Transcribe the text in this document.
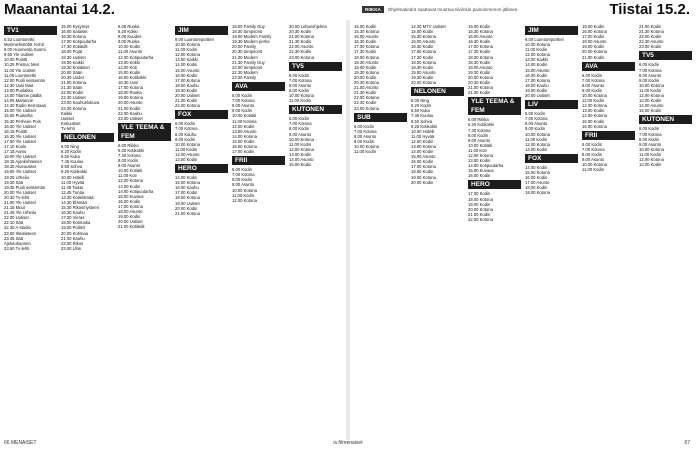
Maanantai 14.2.	RIIKKA	Ohjelmatiedot saattavat muuttua tiiviinkin painoinmenon jälkeen.	Tiistai 15.2.
TV1
5.52 Luontoretki:
Merimiehistöllä. Kohti
6.00 Huomenta Suomi
9.55 Yle Uutiset
10.00 Pointti
10.25 Prisma: Meri
11.00 Yle Uutiset
11.05 Luontoretki
12.00 Puoli seitsemän
12.30 Uusi Maa
13.00 Puolakka
14.00 Tilanne päällä
14.05 Marianne
14.30 Radio Kerrotaan
15.00 Yle Uutiset
15.05 Puutarha
15.30 Perheen Pois
16.00 Yle Uutiset
16.15 Pointti
16.30 Yle Uutiset
17.00 Yle Uutiset
17.10 Koulu
17.15 Aamu
18.00 Yle Uutiset
18.15 Ajankohtainen
18.30 Alueuutiset
19.00 Yle Uutiset
19.25 Urheilu
19.30 Sää
19.35 Puoli seitsemän
20.00 Yle Uutiset
20.30 Tv-lehti
21.00 Yle Uutiset
21.15 Muut
21.45 Yle Urheilu
22.00 Uutiset
22.10 Sää
22.30 A-studio
23.00 Ilmatieteen
23.45 Sää
Ajelutuhannen
23.50 Tv-lehti
15.00 Kysymys
16.00 Salaiset
16.30 Kotona
17.00 Kotipuutarha
17.30 Kotiäidit
18.00 Pojat
18.30 Uutiset
19.00 Kaikki
19.30 Kotiäitien
20.00 Sään
20.30 Uudet
21.00 Kotona
21.30 Sään
22.00 Kodin
22.30 Uutiset
23.00 Kauhuelokuva
23.30 Kotona
Kaikki
Uutiset
Kotiuutiset
Tv-lehti
NELONEN
6.00 Ning
6.20 Kodin
6.50 Kuka
7.45 Kuuluu
8.50 Sohva
9.25 Kotikokki
10.00 Hotelli
11.00 Hyvää
11.45 Taisto
12.45 Tuntia
13.30 Kotielämää
14.30 Elämää
15.30 Rikosmysteeri
16.30 Kauhu
17.00 Vieras
18.00 Kotiruoka
19.00 Poliisit
20.00 Kotimaa
21.00 Kauhu
22.00 Rikos
23.00 Ulos
6.05 Ruoka
6.20 Kokki
8.00 Kuudes
9.00 Ruoka
10.00 Kodin
11.00 Asunto
12.00 Kotipuutarha
13.00 Kokki
14.00 Koti
15.00 Kodin
16.00 Kotikokki
16.30 Uusi
17.00 Kotona
18.00 Ruoka
19.00 Kotona
20.00 Asunto
21.00 Kodin
22.00 Kauhu
23.00 Uutiset
YLE TEEMA & FEM
6.00 Riikka
6.30 Kotikokki
7.30 Kotona
8.00 Kodin
9.00 Asunto
10.00 Kotiäiti
11.00 Koti
12.00 Kotona
13.00 Kodin
14.00 Kotipuutarha
15.00 Kuvaus
16.00 Kodin
17.00 Kotona
18.00 Asunto
19.00 Kodin
20.00 Uutiset
21.00 Kotiäidit
JIM
9.00 Luontoreportteri
10.00 Kotona
11.00 Kodin
12.00 Kotona
13.00 Kaikki
14.00 Kodin
15.00 Asunto
16.00 Kodin
17.00 Kotona
18.00 Kauhu
19.00 Kodin
20.00 Uutiset
21.00 Kodin
22.00 Kotona
FOX
6.00 Kodin
7.00 Kotona
8.00 Kauhu
9.00 Kodin
10.00 Kotona
11.00 Kodin
12.00 Asunto
13.00 Kodin
HERO
14.00 Kodin
15.00 Kotona
16.00 Kauhu
17.00 Kodin
18.00 Kotona
19.00 Uutiset
20.00 Kodin
21.00 Kotona
18.00 Family Guy
18.30 Simpsonit
19.00 Modern Family
19.30 Modern perhe
20.00 Family
20.30 Simpsonit
21.00 Modern
21.30 Family Guy
22.00 Simpsonit
22.30 Modern
23.00 Family
AVA
6.00 Kodin
7.00 Kotona
8.00 Asunto
9.00 Kodin
10.00 Kotiäiti
11.00 Kotona
12.00 Kodin
13.00 Asunto
14.00 Kotona
15.00 Kodin
16.00 Kotona
17.00 Kodin
FRII
6.00 Kodin
7.00 Kotona
8.00 Kodin
9.00 Asunto
10.00 Kotona
11.00 Kodin
12.00 Kotona
20.00 Lettuvohjelma
20.30 Kodin
21.00 Kotona
21.30 Kodin
22.00 Asunto
22.30 Kodin
23.00 Kotona
TV5
6.00 Kodin
7.00 Kotona
8.00 Asunto
9.00 Kodin
10.00 Kotona
11.00 Kodin
KUTONEN
6.00 Kodin
7.00 Kotona
8.00 Kodin
9.00 Asunto
10.00 Kotona
11.00 Kodin
12.00 Kotona
13.00 Kodin
14.00 Asunto
15.00 Kodin
15.00 Kodin
15.30 Kotona
16.00 Asunto
16.30 Kodin
17.00 Kotona
17.30 Kodin
18.00 Kotona
18.30 Asunto
19.00 Kodin
19.30 Kotona
20.00 Kodin
20.30 Kotona
21.00 Asunto
21.30 Kodin
22.00 Kotona
22.30 Kodin
23.00 Kotona
SUB
6.00 Kodin
7.00 Kotona
8.00 Asunto
9.00 Kodin
10.00 Kotona
11.00 Kodin
14.30 MTV Uutiset
15.00 Kodin
15.30 Kotona
16.00 Asunto
16.30 Kodin
17.00 Kotona
17.30 Kodin
18.00 Kotona
18.30 Kodin
19.00 Asunto
19.30 Kodin
20.00 Kotona
NELONEN
6.00 Ning
6.20 Kodin
6.50 Kuka
7.45 Kuuluu
8.50 Sohva
9.25 Kotikokki
10.00 Hotelli
11.00 Hyvää
12.00 Kodin
13.00 Kotona
14.00 Kodin
15.00 Asunto
16.00 Kodin
17.00 Kotona
18.00 Kodin
19.00 Kotona
20.00 Kodin
15.00 Kodin
15.30 Kotona
16.00 Asunto
16.30 Kodin
17.00 Kotona
17.30 Kodin
18.00 Kotona
18.30 Kodin
19.00 Asunto
19.30 Kodin
20.00 Kotona
20.30 Kodin
21.00 Kotona
21.30 Kodin
YLE TEEMA & FEM
6.00 Riikka
6.30 Kotikokki
7.30 Kotona
8.00 Kodin
9.00 Asunto
10.00 Kotiäiti
11.00 Koti
12.00 Kotona
13.00 Kodin
14.00 Kotipuutarha
15.00 Kuvaus
16.00 Kodin
HERO
17.00 Kodin
18.00 Kotona
19.00 Kodin
20.00 Kotona
21.00 Kodin
22.00 Kotona
JIM
9.00 Luontoreportteri
10.00 Kotona
11.00 Kodin
12.00 Kotona
13.00 Kaikki
14.00 Kodin
15.00 Asunto
16.00 Kodin
17.00 Kotona
18.00 Kauhu
19.00 Kodin
20.00 Uutiset
LIV
6.00 Kodin
7.00 Kotona
8.00 Asunto
9.00 Kodin
10.00 Kotona
11.00 Kodin
12.00 Kotona
13.00 Kodin
FOX
14.00 Kodin
15.00 Kotona
16.00 Kodin
17.00 Asunto
18.00 Kodin
19.00 Kotona
15.00 Kodin
16.00 Kotona
17.00 Kodin
18.00 Asunto
19.00 Kodin
20.00 Kotona
21.00 Kodin
AVA
6.00 Kodin
7.00 Kotona
8.00 Asunto
9.00 Kodin
10.00 Kotona
11.00 Kodin
12.00 Kotona
13.00 Kodin
14.00 Kotona
15.00 Kodin
16.00 Kotona
FRII
6.00 Kodin
7.00 Kotona
8.00 Kodin
9.00 Asunto
10.00 Kotona
11.00 Kodin
21.00 Kodin
21.30 Kotona
22.00 Kodin
22.30 Asunto
23.00 Kodin
TV5
6.00 Kodin
7.00 Kotona
8.00 Asunto
9.00 Kodin
10.00 Kotona
11.00 Kodin
12.00 Kotona
13.00 Kodin
14.00 Asunto
15.00 Kodin
KUTONEN
6.00 Kodin
7.00 Kotona
8.00 Kodin
9.00 Asunto
10.00 Kotona
11.00 Kodin
12.00 Kotona
13.00 Kodin
66 MENAISET	is.fi/menaiset	67
